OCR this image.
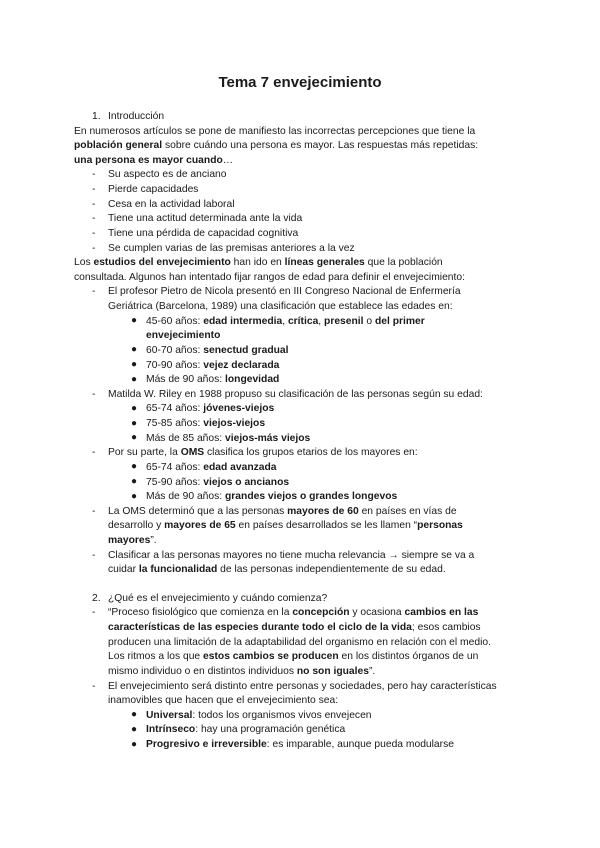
Tema 7 envejecimiento
1. Introducción
En numerosos artículos se pone de manifiesto las incorrectas percepciones que tiene la
población general sobre cuándo una persona es mayor. Las respuestas más repetidas:
una persona es mayor cuando…
- Su aspecto es de anciano
- Pierde capacidades
- Cesa en la actividad laboral
- Tiene una actitud determinada ante la vida
- Tiene una pérdida de capacidad cognitiva
- Se cumplen varias de las premisas anteriores a la vez
Los estudios del envejecimiento han ido en líneas generales que la población
consultada. Algunos han intentado fijar rangos de edad para definir el envejecimiento:
- El profesor Pietro de Nicola presentó en III Congreso Nacional de Enfermería
Geriátrica (Barcelona, 1989) una clasificación que establece las edades en:
● 45-60 años: edad intermedia, crítica, presenil o del primer
envejecimiento
● 60-70 años: senectud gradual
● 70-90 años: vejez declarada
● Más de 90 años: longevidad
- Matilda W. Riley en 1988 propuso su clasificación de las personas según su edad:
● 65-74 años: jóvenes-viejos
● 75-85 años: viejos-viejos
● Más de 85 años: viejos-más viejos
- Por su parte, la OMS clasifica los grupos etarios de los mayores en:
● 65-74 años: edad avanzada
● 75-90 años: viejos o ancianos
● Más de 90 años: grandes viejos o grandes longevos
- La OMS determinó que a las personas mayores de 60 en países en vías de
desarrollo y mayores de 65 en países desarrollados se les llamen “personas
mayores”.
- Clasificar a las personas mayores no tiene mucha relevancia → siempre se va a
cuidar la funcionalidad de las personas independientemente de su edad.
2. ¿Qué es el envejecimiento y cuándo comienza?
- “Proceso fisiológico que comienza en la concepción y ocasiona cambios en las
características de las especies durante todo el ciclo de la vida; esos cambios
producen una limitación de la adaptabilidad del organismo en relación con el medio.
Los ritmos a los que estos cambios se producen en los distintos órganos de un
mismo individuo o en distintos individuos no son iguales”.
- El envejecimiento será distinto entre personas y sociedades, pero hay características
inamovibles que hacen que el envejecimiento sea:
● Universal: todos los organismos vivos envejecen
● Intrínseco: hay una programación genética
● Progresivo e irreversible: es imparable, aunque pueda modularse
